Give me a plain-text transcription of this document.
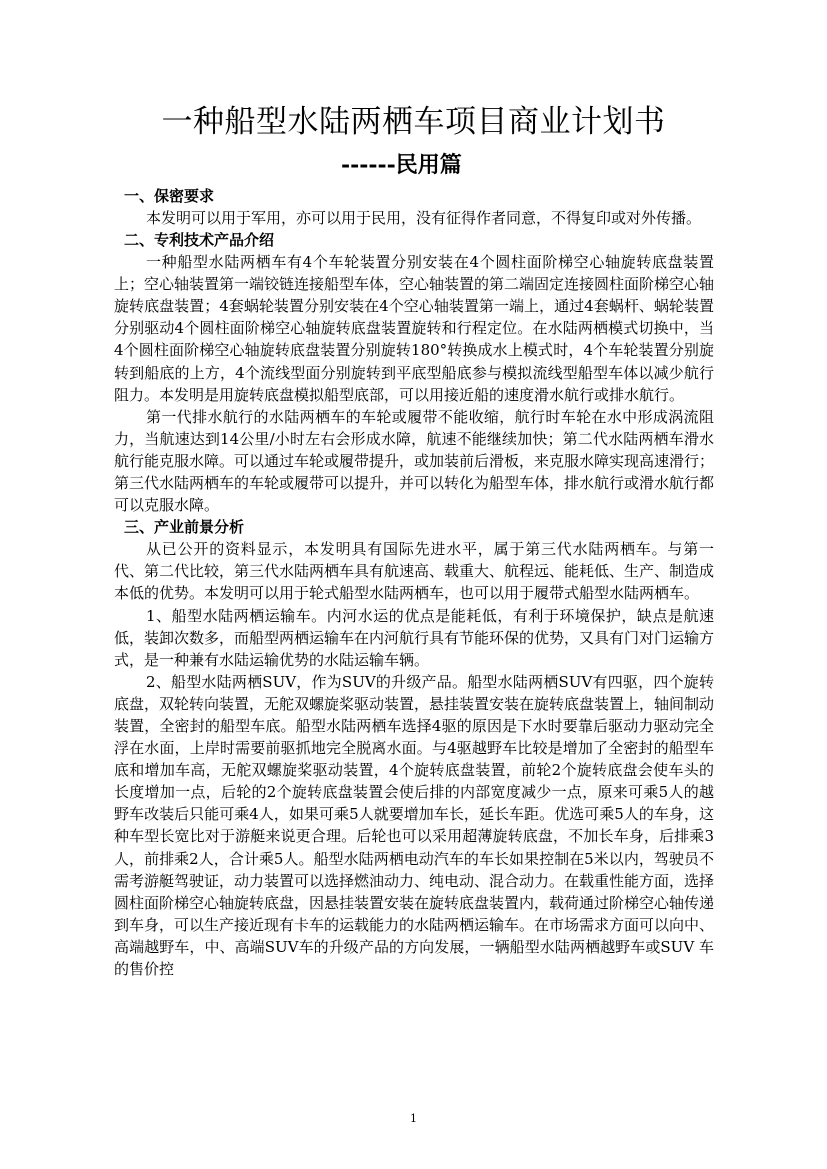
一种船型水陆两栖车项目商业计划书
------民用篇

一、保密要求

本发明可以用于军用，亦可以用于民用，没有征得作者同意，不得复印或对外传播。

二、专利技术产品介绍

一种船型水陆两栖车有4个车轮装置分别安装在4个圆柱面阶梯空心轴旋转底盘装置上；空心轴装置第一端铰链连接船型车体，空心轴装置的第二端固定连接圆柱面阶梯空心轴旋转底盘装置；4套蜗轮装置分别安装在4个空心轴装置第一端上，通过4套蜗杆、蜗轮装置分别驱动4个圆柱面阶梯空心轴旋转底盘装置旋转和行程定位。在水陆两栖模式切换中，当4个圆柱面阶梯空心轴旋转底盘装置分别旋转180°转换成水上模式时，4个车轮装置分别旋转到船底的上方，4个流线型面分别旋转到平底型船底参与模拟流线型船型车体以减少航行阻力。本发明是用旋转底盘模拟船型底部，可以用接近船的速度滑水航行或排水航行。

第一代排水航行的水陆两栖车的车轮或履带不能收缩，航行时车轮在水中形成涡流阻力，当航速达到14公里/小时左右会形成水障，航速不能继续加快；第二代水陆两栖车滑水航行能克服水障。可以通过车轮或履带提升，或加装前后滑板，来克服水障实现高速滑行；第三代水陆两栖车的车轮或履带可以提升，并可以转化为船型车体，排水航行或滑水航行都可以克服水障。

三、产业前景分析

从已公开的资料显示，本发明具有国际先进水平，属于第三代水陆两栖车。与第一代、第二代比较，第三代水陆两栖车具有航速高、载重大、航程远、能耗低、生产、制造成本低的优势。本发明可以用于轮式船型水陆两栖车，也可以用于履带式船型水陆两栖车。

1、船型水陆两栖运输车。内河水运的优点是能耗低，有利于环境保护，缺点是航速低，装卸次数多，而船型两栖运输车在内河航行具有节能环保的优势，又具有门对门运输方式，是一种兼有水陆运输优势的水陆运输车辆。

2、船型水陆两栖SUV，作为SUV的升级产品。船型水陆两栖SUV有四驱，四个旋转底盘，双轮转向装置，无舵双螺旋桨驱动装置，悬挂装置安装在旋转底盘装置上，轴间制动装置，全密封的船型车底。船型水陆两栖车选择4驱的原因是下水时要靠后驱动力驱动完全浮在水面，上岸时需要前驱抓地完全脱离水面。与4驱越野车比较是增加了全密封的船型车底和增加车高，无舵双螺旋桨驱动装置，4个旋转底盘装置，前轮2个旋转底盘会使车头的长度增加一点，后轮的2个旋转底盘装置会使后排的内部宽度减少一点，原来可乘5人的越野车改装后只能可乘4人，如果可乘5人就要增加车长，延长车距。优选可乘5人的车身，这种车型长宽比对于游艇来说更合理。后轮也可以采用超薄旋转底盘，不加长车身，后排乘3人，前排乘2人，合计乘5人。船型水陆两栖电动汽车的车长如果控制在5米以内，驾驶员不需考游艇驾驶证，动力装置可以选择燃油动力、纯电动、混合动力。在载重性能方面，选择圆柱面阶梯空心轴旋转底盘，因悬挂装置安装在旋转底盘装置内，载荷通过阶梯空心轴传递到车身，可以生产接近现有卡车的运载能力的水陆两栖运输车。在市场需求方面可以向中、高端越野车，中、高端SUV车的升级产品的方向发展，一辆船型水陆两栖越野车或SUV 车的售价控

1
